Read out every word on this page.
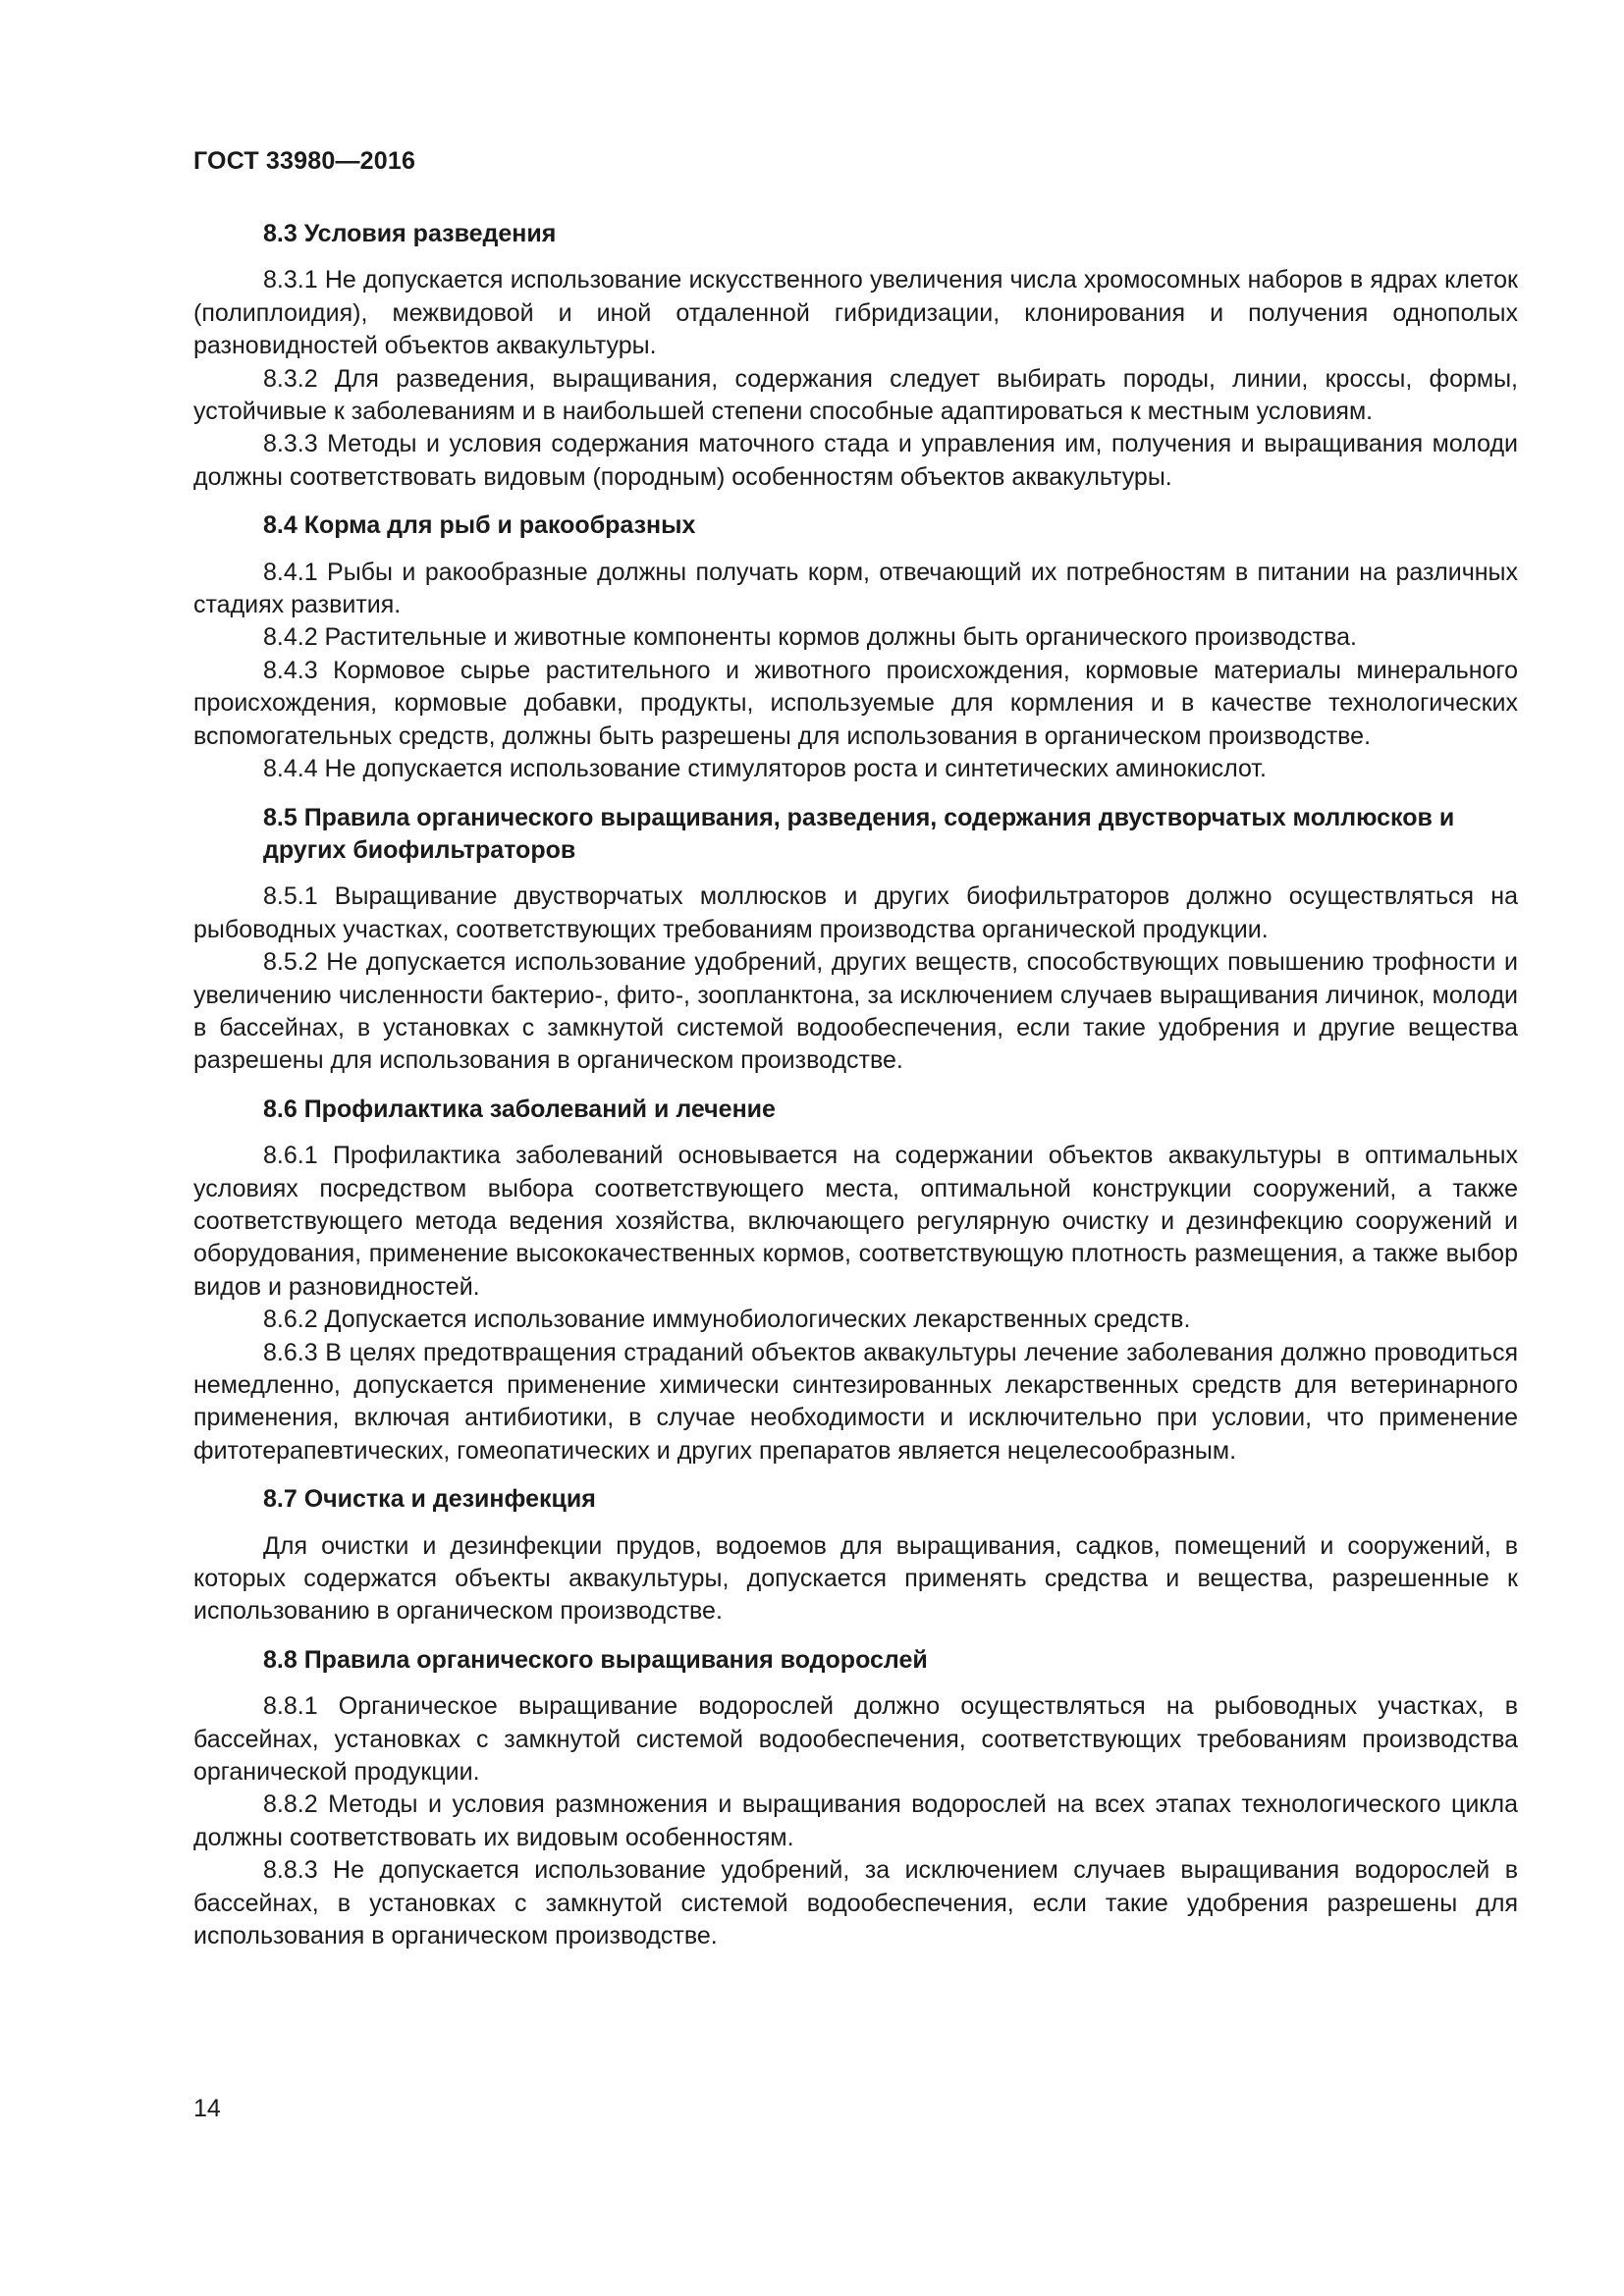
ГОСТ 33980—2016

8.3 Условия разведения

8.3.1 Не допускается использование искусственного увеличения числа хромосомных наборов в ядрах клеток (полиплоидия), межвидовой и иной отдаленной гибридизации, клонирования и получения однополых разновидностей объектов аквакультуры.

8.3.2 Для разведения, выращивания, содержания следует выбирать породы, линии, кроссы, формы, устойчивые к заболеваниям и в наибольшей степени способные адаптироваться к местным условиям.

8.3.3 Методы и условия содержания маточного стада и управления им, получения и выращивания молоди должны соответствовать видовым (породным) особенностям объектов аквакультуры.

8.4 Корма для рыб и ракообразных

8.4.1 Рыбы и ракообразные должны получать корм, отвечающий их потребностям в питании на различных стадиях развития.

8.4.2 Растительные и животные компоненты кормов должны быть органического производства.

8.4.3 Кормовое сырье растительного и животного происхождения, кормовые материалы минерального происхождения, кормовые добавки, продукты, используемые для кормления и в качестве технологических вспомогательных средств, должны быть разрешены для использования в органическом производстве.

8.4.4 Не допускается использование стимуляторов роста и синтетических аминокислот.

8.5 Правила органического выращивания, разведения, содержания двустворчатых моллюсков и других биофильтраторов

8.5.1 Выращивание двустворчатых моллюсков и других биофильтраторов должно осуществляться на рыбоводных участках, соответствующих требованиям производства органической продукции.

8.5.2 Не допускается использование удобрений, других веществ, способствующих повышению трофности и увеличению численности бактерио-, фито-, зоопланктона, за исключением случаев выращивания личинок, молоди в бассейнах, в установках с замкнутой системой водообеспечения, если такие удобрения и другие вещества разрешены для использования в органическом производстве.

8.6 Профилактика заболеваний и лечение

8.6.1 Профилактика заболеваний основывается на содержании объектов аквакультуры в оптимальных условиях посредством выбора соответствующего места, оптимальной конструкции сооружений, а также соответствующего метода ведения хозяйства, включающего регулярную очистку и дезинфекцию сооружений и оборудования, применение высококачественных кормов, соответствующую плотность размещения, а также выбор видов и разновидностей.

8.6.2 Допускается использование иммунобиологических лекарственных средств.

8.6.3 В целях предотвращения страданий объектов аквакультуры лечение заболевания должно проводиться немедленно, допускается применение химически синтезированных лекарственных средств для ветеринарного применения, включая антибиотики, в случае необходимости и исключительно при условии, что применение фитотерапевтических, гомеопатических и других препаратов является нецелесообразным.

8.7 Очистка и дезинфекция

Для очистки и дезинфекции прудов, водоемов для выращивания, садков, помещений и сооружений, в которых содержатся объекты аквакультуры, допускается применять средства и вещества, разрешенные к использованию в органическом производстве.

8.8 Правила органического выращивания водорослей

8.8.1 Органическое выращивание водорослей должно осуществляться на рыбоводных участках, в бассейнах, установках с замкнутой системой водообеспечения, соответствующих требованиям производства органической продукции.

8.8.2 Методы и условия размножения и выращивания водорослей на всех этапах технологического цикла должны соответствовать их видовым особенностям.

8.8.3 Не допускается использование удобрений, за исключением случаев выращивания водорослей в бассейнах, в установках с замкнутой системой водообеспечения, если такие удобрения разрешены для использования в органическом производстве.

14
